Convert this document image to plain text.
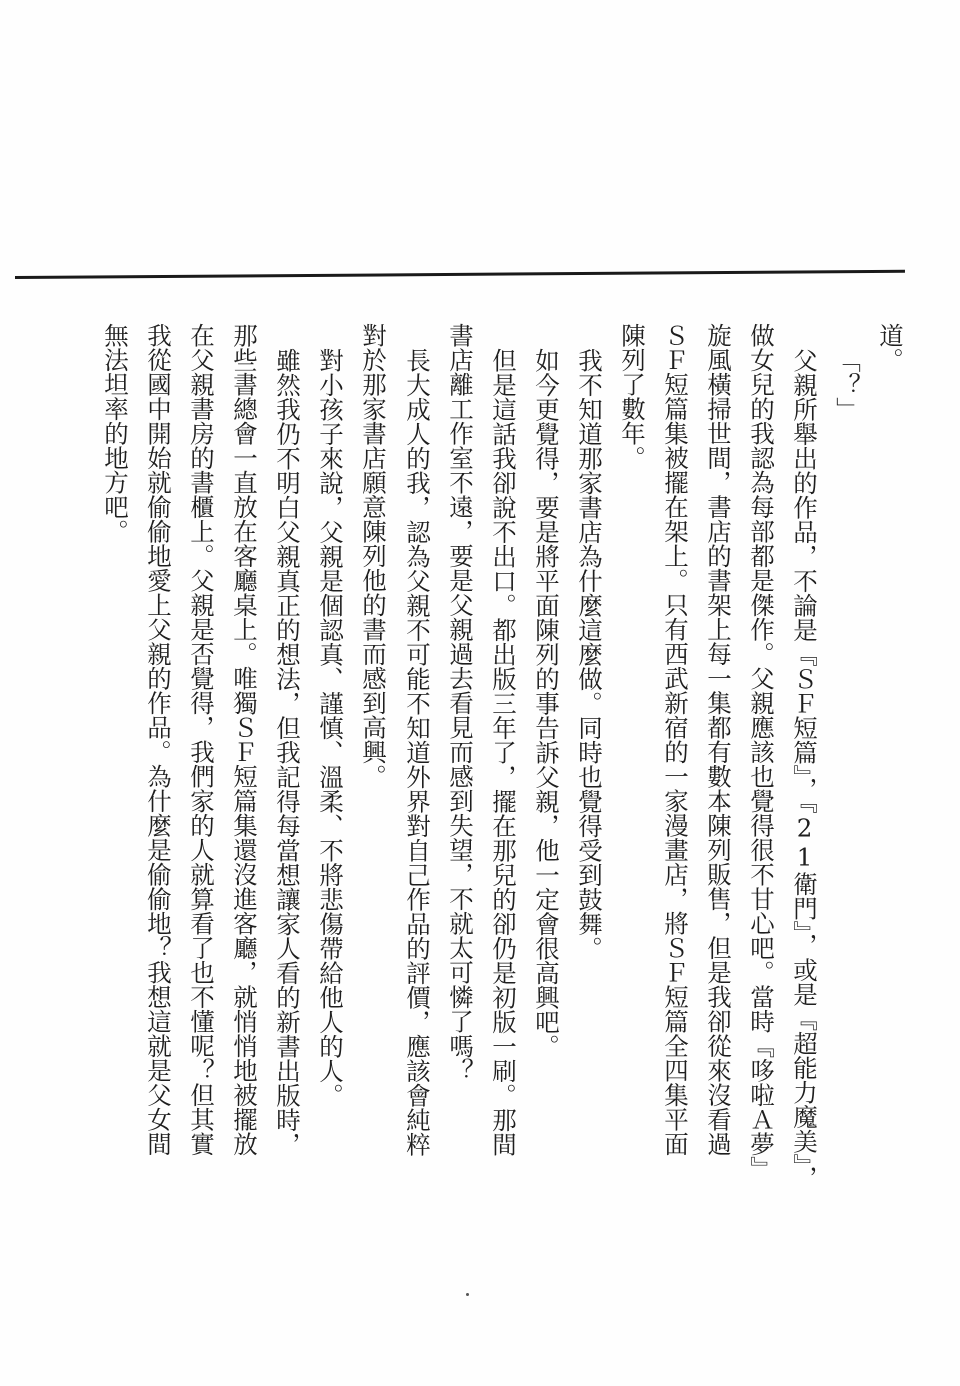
道。
「？」
父親所舉出的作品，不論是『ＳＦ短篇』，『21衛門』，或是『超能力魔美』，
做女兒的我認為每部都是傑作。父親應該也覺得很不甘心吧。當時『哆啦Ａ夢』
旋風橫掃世間，書店的書架上每一集都有數本陳列販售，但是我卻從來沒看過
ＳＦ短篇集被擺在架上。只有西武新宿的一家漫畫店，將ＳＦ短篇全四集平面
陳列了數年。
我不知道那家書店為什麼這麼做。同時也覺得受到鼓舞。
如今更覺得，要是將平面陳列的事告訴父親，他一定會很高興吧。
但是這話我卻說不出口。都出版三年了，擺在那兒的卻仍是初版一刷。那間
書店離工作室不遠，要是父親過去看見而感到失望，不就太可憐了嗎？
長大成人的我，認為父親不可能不知道外界對自己作品的評價，應該會純粹
對於那家書店願意陳列他的書而感到高興。
對小孩子來說，父親是個認真、謹慎、溫柔、不將悲傷帶給他人的人。
雖然我仍不明白父親真正的想法，但我記得每當想讓家人看的新書出版時，
那些書總會一直放在客廳桌上。唯獨ＳＦ短篇集還沒進客廳，就悄悄地被擺放
在父親書房的書櫃上。父親是否覺得，我們家的人就算看了也不懂呢？但其實
我從國中開始就偷偷地愛上父親的作品。為什麼是偷偷地？我想這就是父女間
無法坦率的地方吧。
